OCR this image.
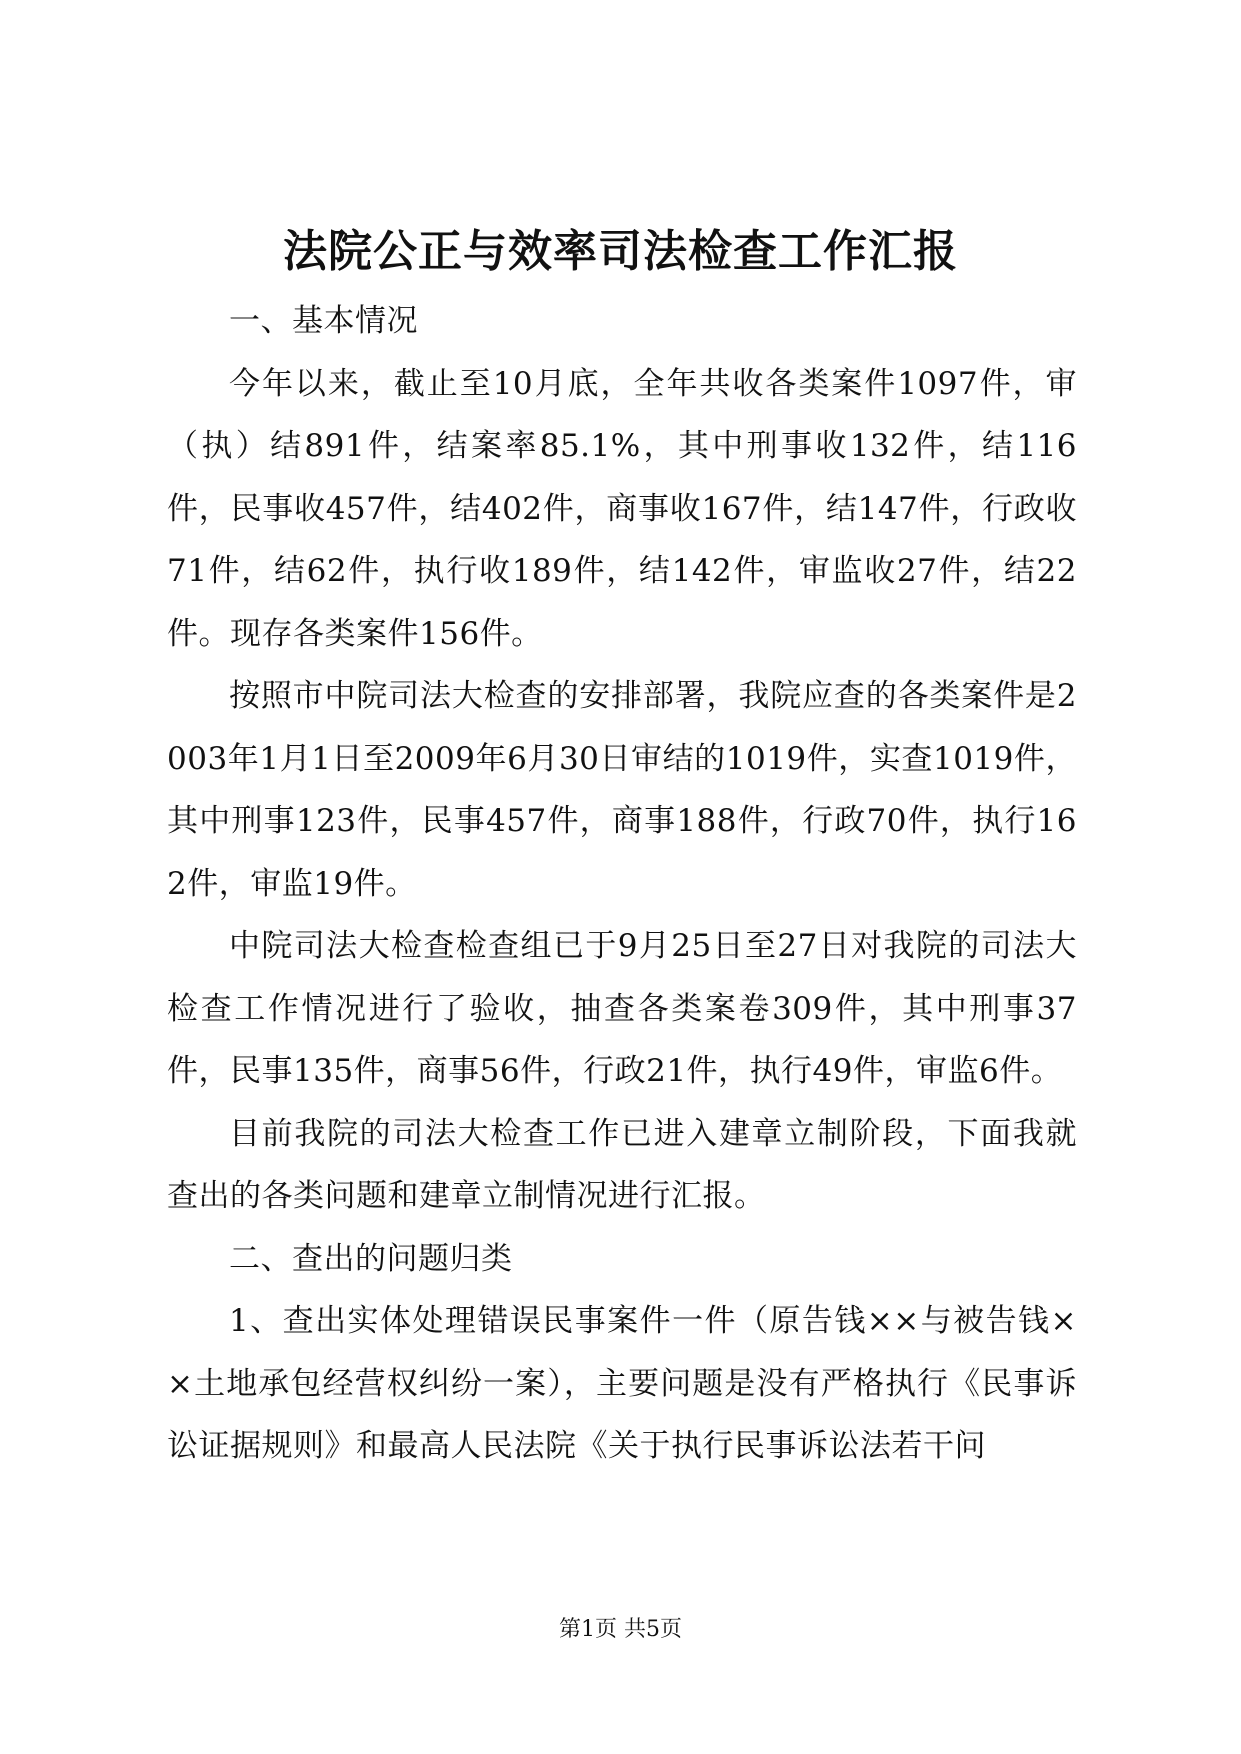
法院公正与效率司法检查工作汇报

一、基本情况

今年以来，截止至10月底，全年共收各类案件1097件，审（执）结891件，结案率85.1%，其中刑事收132件，结116件，民事收457件，结402件，商事收167件，结147件，行政收71件，结62件，执行收189件，结142件，审监收27件，结22件。现存各类案件156件。

按照市中院司法大检查的安排部署，我院应查的各类案件是2003年1月1日至2009年6月30日审结的1019件，实查1019件，其中刑事123件，民事457件，商事188件，行政70件，执行162件，审监19件。

中院司法大检查检查组已于9月25日至27日对我院的司法大检查工作情况进行了验收，抽查各类案卷309件，其中刑事37件，民事135件，商事56件，行政21件，执行49件，审监6件。

目前我院的司法大检查工作已进入建章立制阶段，下面我就查出的各类问题和建章立制情况进行汇报。

二、查出的问题归类

1、查出实体处理错误民事案件一件（原告钱××与被告钱××土地承包经营权纠纷一案），主要问题是没有严格执行《民事诉讼证据规则》和最高人民法院《关于执行民事诉讼法若干问

第1页 共5页
